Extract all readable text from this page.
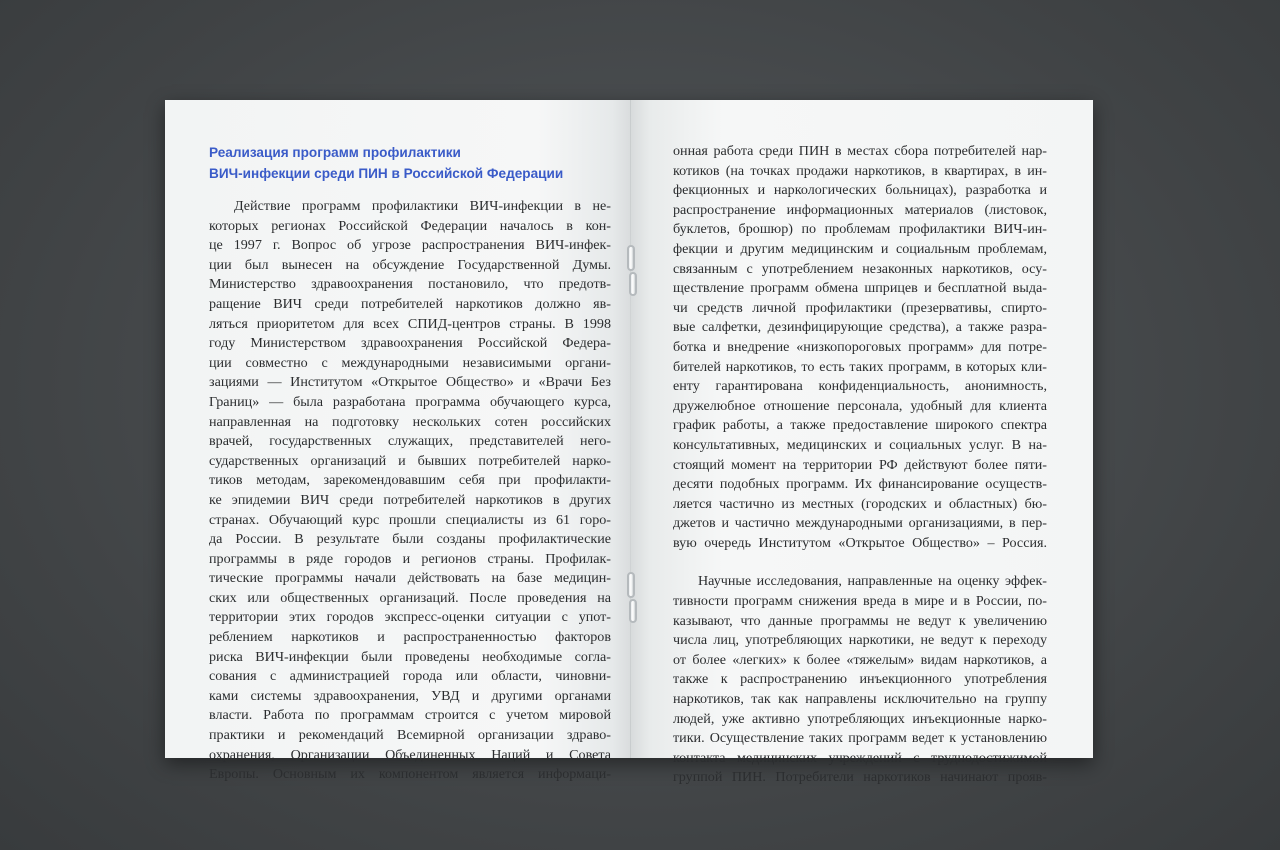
Реализация программ профилактики
ВИЧ-инфекции среди ПИН в Российской Федерации
Действие программ профилактики ВИЧ-инфекции в не-
которых регионах Российской Федерации началось в кон-
це 1997 г. Вопрос об угрозе распространения ВИЧ-инфек-
ции был вынесен на обсуждение Государственной Думы.
Министерство здравоохранения постановило, что предотв-
ращение ВИЧ среди потребителей наркотиков должно яв-
ляться приоритетом для всех СПИД-центров страны. В 1998
году Министерством здравоохранения Российской Федера-
ции совместно с международными независимыми органи-
зациями — Институтом «Открытое Общество» и «Врачи Без
Границ» — была разработана программа обучающего курса,
направленная на подготовку нескольких сотен российских
врачей, государственных служащих, представителей него-
сударственных организаций и бывших потребителей нарко-
тиков методам, зарекомендовавшим себя при профилакти-
ке эпидемии ВИЧ среди потребителей наркотиков в других
странах. Обучающий курс прошли специалисты из 61 горо-
да России. В результате были созданы профилактические
программы в ряде городов и регионов страны. Профилак-
тические программы начали действовать на базе медицин-
ских или общественных организаций. После проведения на
территории этих городов экспресс-оценки ситуации с упот-
реблением наркотиков и распространенностью факторов
риска ВИЧ-инфекции были проведены необходимые согла-
сования с администрацией города или области, чиновни-
ками системы здравоохранения, УВД и другими органами
власти. Работа по программам строится с учетом мировой
практики и рекомендаций Всемирной организации здраво-
охранения, Организации Объединенных Наций и Совета
Европы. Основным их компонентом является информаци-
онная работа среди ПИН в местах сбора потребителей нар-
котиков (на точках продажи наркотиков, в квартирах, в ин-
фекционных и наркологических больницах), разработка и
распространение информационных материалов (листовок,
буклетов, брошюр) по проблемам профилактики ВИЧ-ин-
фекции и другим медицинским и социальным проблемам,
связанным с употреблением незаконных наркотиков, осу-
ществление программ обмена шприцев и бесплатной выда-
чи средств личной профилактики (презервативы, спирто-
вые салфетки, дезинфицирующие средства), а также разра-
ботка и внедрение «низкопороговых программ» для потре-
бителей наркотиков, то есть таких программ, в которых кли-
енту гарантирована конфиденциальность, анонимность,
дружелюбное отношение персонала, удобный для клиента
график работы, а также предоставление широкого спектра
консультативных, медицинских и социальных услуг. В на-
стоящий момент на территории РФ действуют более пяти-
десяти подобных программ. Их финансирование осуществ-
ляется частично из местных (городских и областных) бю-
джетов и частично международными организациями, в пер-
вую очередь Институтом «Открытое Общество» – Россия.
Научные исследования, направленные на оценку эффек-
тивности программ снижения вреда в мире и в России, по-
казывают, что данные программы не ведут к увеличению
числа лиц, употребляющих наркотики, не ведут к переходу
от более «легких» к более «тяжелым» видам наркотиков, а
также к распространению инъекционного употребления
наркотиков, так как направлены исключительно на группу
людей, уже активно употребляющих инъекционные нарко-
тики. Осуществление таких программ ведет к установлению
контакта медицинских учреждений с труднодостижимой
группой ПИН. Потребители наркотиков начинают прояв-
